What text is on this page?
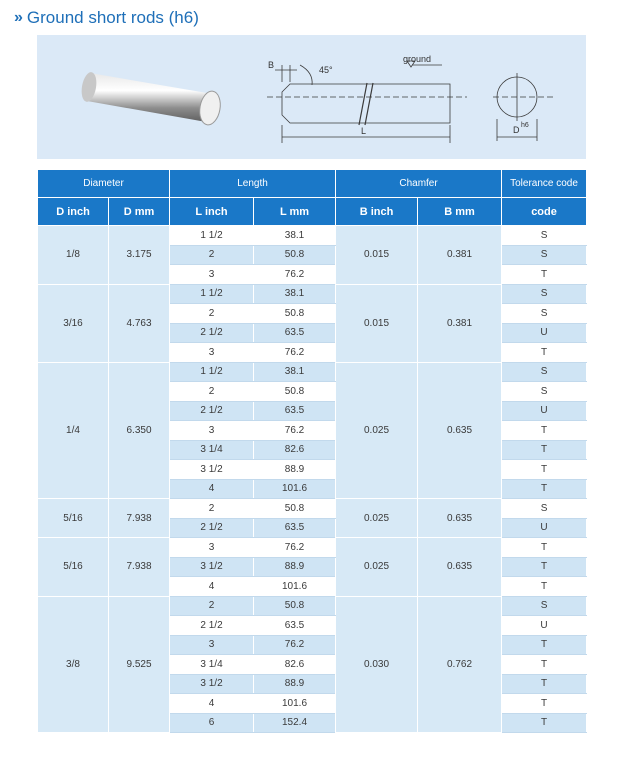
» Ground short rods (h6)
B	45°
ground
L	D h6
Diameter		Length		Chamfer		Tolerance code
D inch	D mm	L inch	L mm	B inch	B mm	code
1/8	3.175	1 1/2	38.1	0.015	0.381	S
		2	50.8			S
		3	76.2			T
3/16	4.763	1 1/2	38.1	0.015	0.381	S
		2	50.8			S
		2 1/2	63.5			U
		3	76.2			T
1/4	6.350	1 1/2	38.1	0.025	0.635	S
		2	50.8			S
		2 1/2	63.5			U
		3	76.2			T
		3 1/4	82.6			T
		3 1/2	88.9			T
		4	101.6			T
5/16	7.938	2	50.8	0.025	0.635	S
		2 1/2	63.5			U
5/16	7.938	3	76.2	0.025	0.635	T
		3 1/2	88.9			T
		4	101.6			T
3/8	9.525	2	50.8	0.030	0.762	S
		2 1/2	63.5			U
		3	76.2			T
		3 1/4	82.6			T
		3 1/2	88.9			T
		4	101.6			T
		6	152.4			T
